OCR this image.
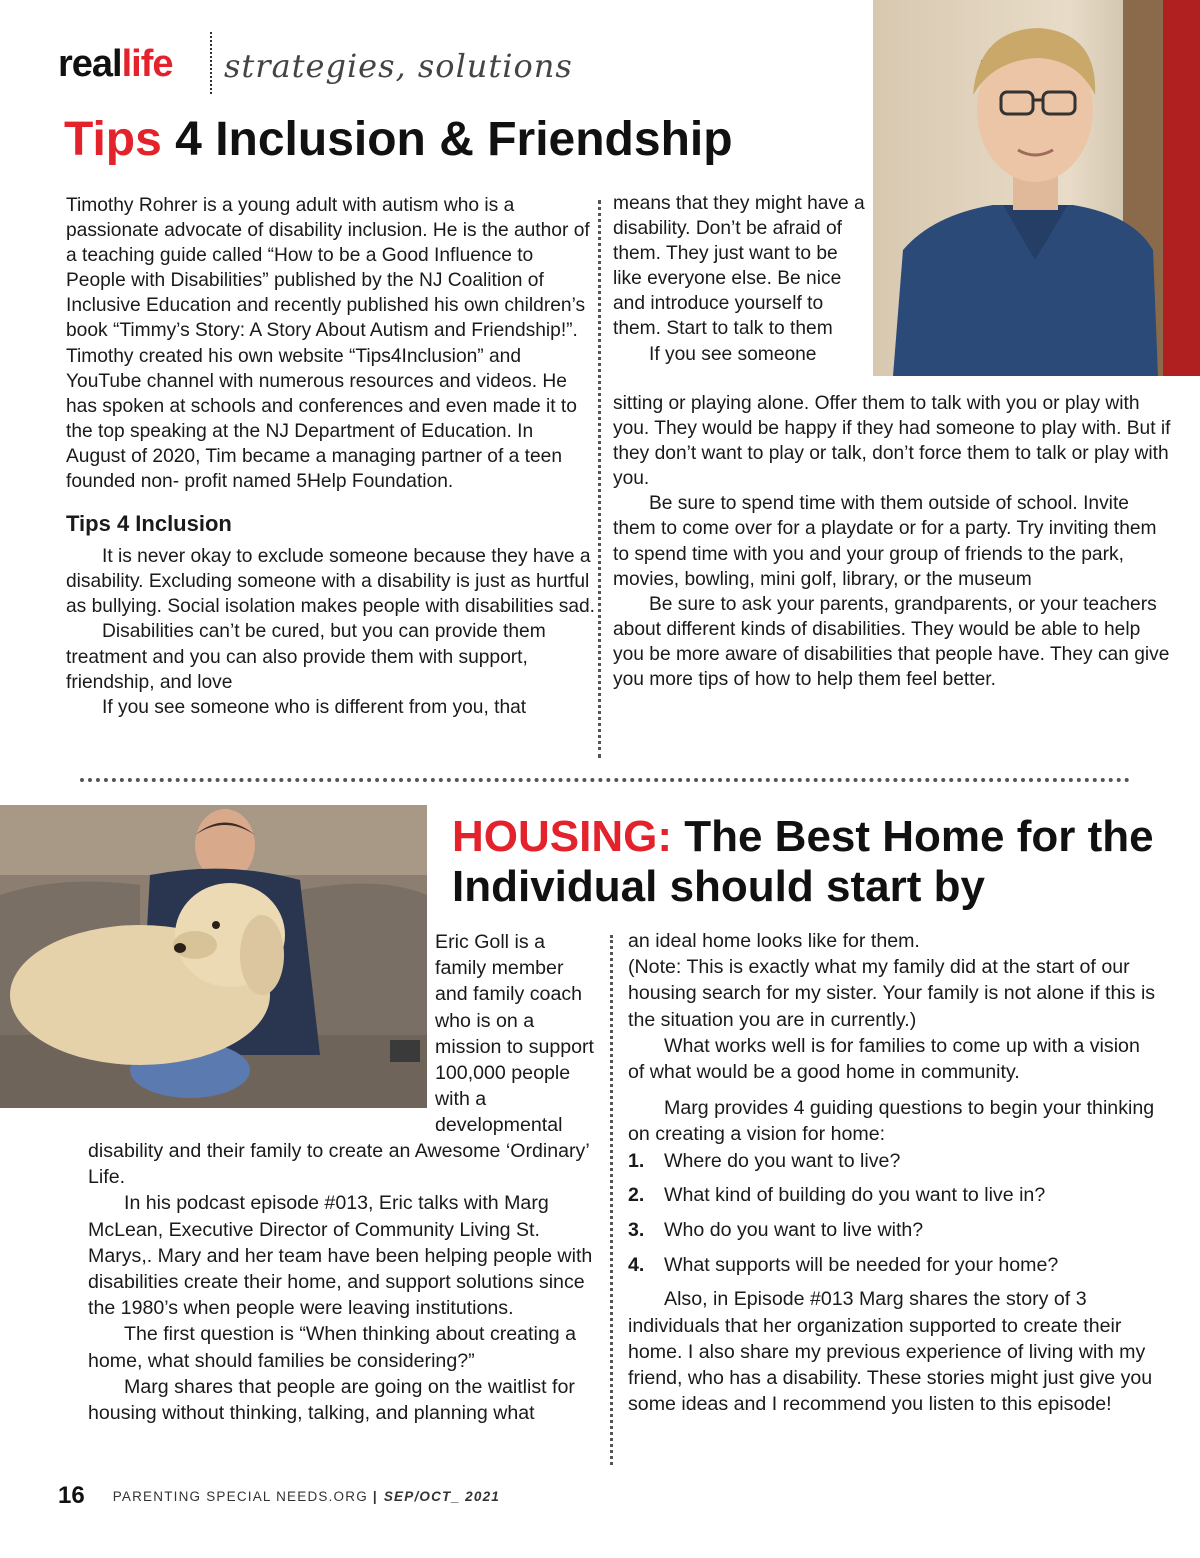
reallife strategies, solutions
Tips 4 Inclusion & Friendship

Timothy Rohrer is a young adult with autism who is a passionate advocate of disability inclusion. He is the author of a teaching guide called “How to be a Good Influence to People with Disabilities” published by the NJ Coalition of Inclusive Education and recently published his own children’s book “Timmy’s Story: A Story About Autism and Friendship!”. Timothy created his own website “Tips4Inclusion” and YouTube channel with numerous resources and videos. He has spoken at schools and conferences and even made it to the top speaking at the NJ Department of Education. In August of 2020, Tim became a managing partner of a teen founded non- profit named 5Help Foundation.

Tips 4 Inclusion

It is never okay to exclude someone because they have a disability. Excluding someone with a disability is just as hurtful as bullying. Social isolation makes people with disabilities sad.

Disabilities can’t be cured, but you can provide them treatment and you can also provide them with support, friendship, and love

If you see someone who is different from you, that

means that they might have a disability. Don’t be afraid of them. They just want to be like everyone else. Be nice and introduce yourself to them. Start to talk to them

If you see someone

sitting or playing alone. Offer them to talk with you or play with you. They would be happy if they had someone to play with. But if they don’t want to play or talk, don’t force them to talk or play with you.

Be sure to spend time with them outside of school. Invite them to come over for a playdate or for a party. Try inviting them to spend time with you and your group of friends to the park, movies, bowling, mini golf, library, or the museum

Be sure to ask your parents, grandparents, or your teachers about different kinds of disabilities. They would be able to help you be more aware of disabilities that people have. They can give you more tips of how to help them feel better.

HOUSING: The Best Home for the Individual should start by

Eric Goll is a family member and family coach who is on a mission to support 100,000 people with a developmental

disability and their family to create an Awesome ‘Ordinary’ Life.

In his podcast episode #013, Eric talks with Marg McLean, Executive Director of Community Living St. Marys,. Mary and her team have been helping people with disabilities create their home, and support solutions since the 1980’s when people were leaving institutions.

The first question is “When thinking about creating a home, what should families be considering?”

Marg shares that people are going on the waitlist for housing without thinking, talking, and planning what

an ideal home looks like for them.

(Note: This is exactly what my family did at the start of our housing search for my sister. Your family is not alone if this is the situation you are in currently.)

What works well is for families to come up with a vision of what would be a good home in community.

Marg provides 4 guiding questions to begin your thinking on creating a vision for home:

1.	Where do you want to live?
2.	What kind of building do you want to live in?
3.	Who do you want to live with?
4.	What supports will be needed for your home?

Also, in Episode #013 Marg shares the story of 3 individuals that her organization supported to create their home. I also share my previous experience of living with my friend, who has a disability. These stories might just give you some ideas and I recommend you listen to this episode!

16 PARENTING SPECIAL NEEDS.ORG | SEP/OCT_ 2021
